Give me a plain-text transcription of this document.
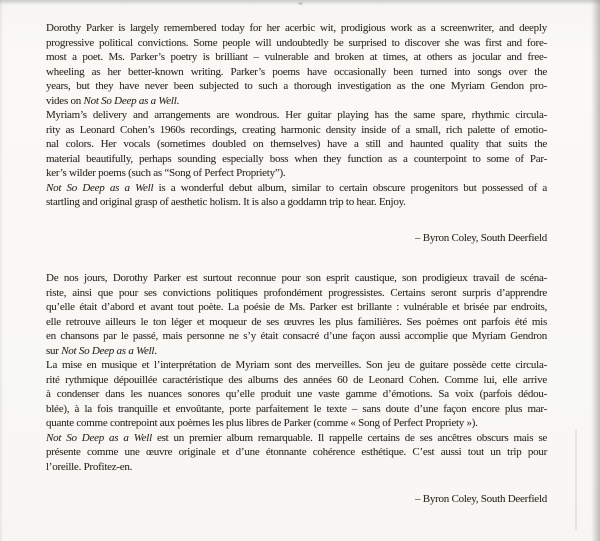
Dorothy Parker is largely remembered today for her acerbic wit, prodigious work as a screenwriter, and deeply
progressive political convictions. Some people will undoubtedly be surprised to discover she was first and fore-
most a poet. Ms. Parker’s poetry is brilliant – vulnerable and broken at times, at others as jocular and free-
wheeling as her better-known writing. Parker’s poems have occasionally been turned into songs over the
years, but they have never been subjected to such a thorough investigation as the one Myriam Gendon pro-
vides on Not So Deep as a Well.
Myriam’s delivery and arrangements are wondrous. Her guitar playing has the same spare, rhythmic circula-
rity as Leonard Cohen’s 1960s recordings, creating harmonic density inside of a small, rich palette of emotio-
nal colors. Her vocals (sometimes doubled on themselves) have a still and haunted quality that suits the
material beautifully, perhaps sounding especially boss when they function as a counterpoint to some of Par-
ker’s wilder poems (such as “Song of Perfect Propriety”).
Not So Deep as a Well is a wonderful debut album, similar to certain obscure progenitors but possessed of a
startling and original grasp of aesthetic holism. It is also a goddamn trip to hear. Enjoy.
– Byron Coley, South Deerfield
De nos jours, Dorothy Parker est surtout reconnue pour son esprit caustique, son prodigieux travail de scéna-
riste, ainsi que pour ses convictions politiques profondément progressistes. Certains seront surpris d’apprendre
qu’elle était d’abord et avant tout poète. La poésie de Ms. Parker est brillante : vulnérable et brisée par endroits,
elle retrouve ailleurs le ton léger et moqueur de ses œuvres les plus familières. Ses poèmes ont parfois été mis
en chansons par le passé, mais personne ne s’y était consacré d’une façon aussi accomplie que Myriam Gendron
sur Not So Deep as a Well.
La mise en musique et l’interprétation de Myriam sont des merveilles. Son jeu de guitare possède cette circula-
rité rythmique dépouillée caractéristique des albums des années 60 de Leonard Cohen. Comme lui, elle arrive
à condenser dans les nuances sonores qu’elle produit une vaste gamme d’émotions. Sa voix (parfois dédou-
blée), à la fois tranquille et envoûtante, porte parfaitement le texte – sans doute d’une façon encore plus mar-
quante comme contrepoint aux poèmes les plus libres de Parker (comme « Song of Perfect Propriety »).
Not So Deep as a Well est un premier album remarquable. Il rappelle certains de ses ancêtres obscurs mais se
présente comme une œuvre originale et d’une étonnante cohérence esthétique. C’est aussi tout un trip pour
l’oreille. Profitez-en.
– Byron Coley, South Deerfield
